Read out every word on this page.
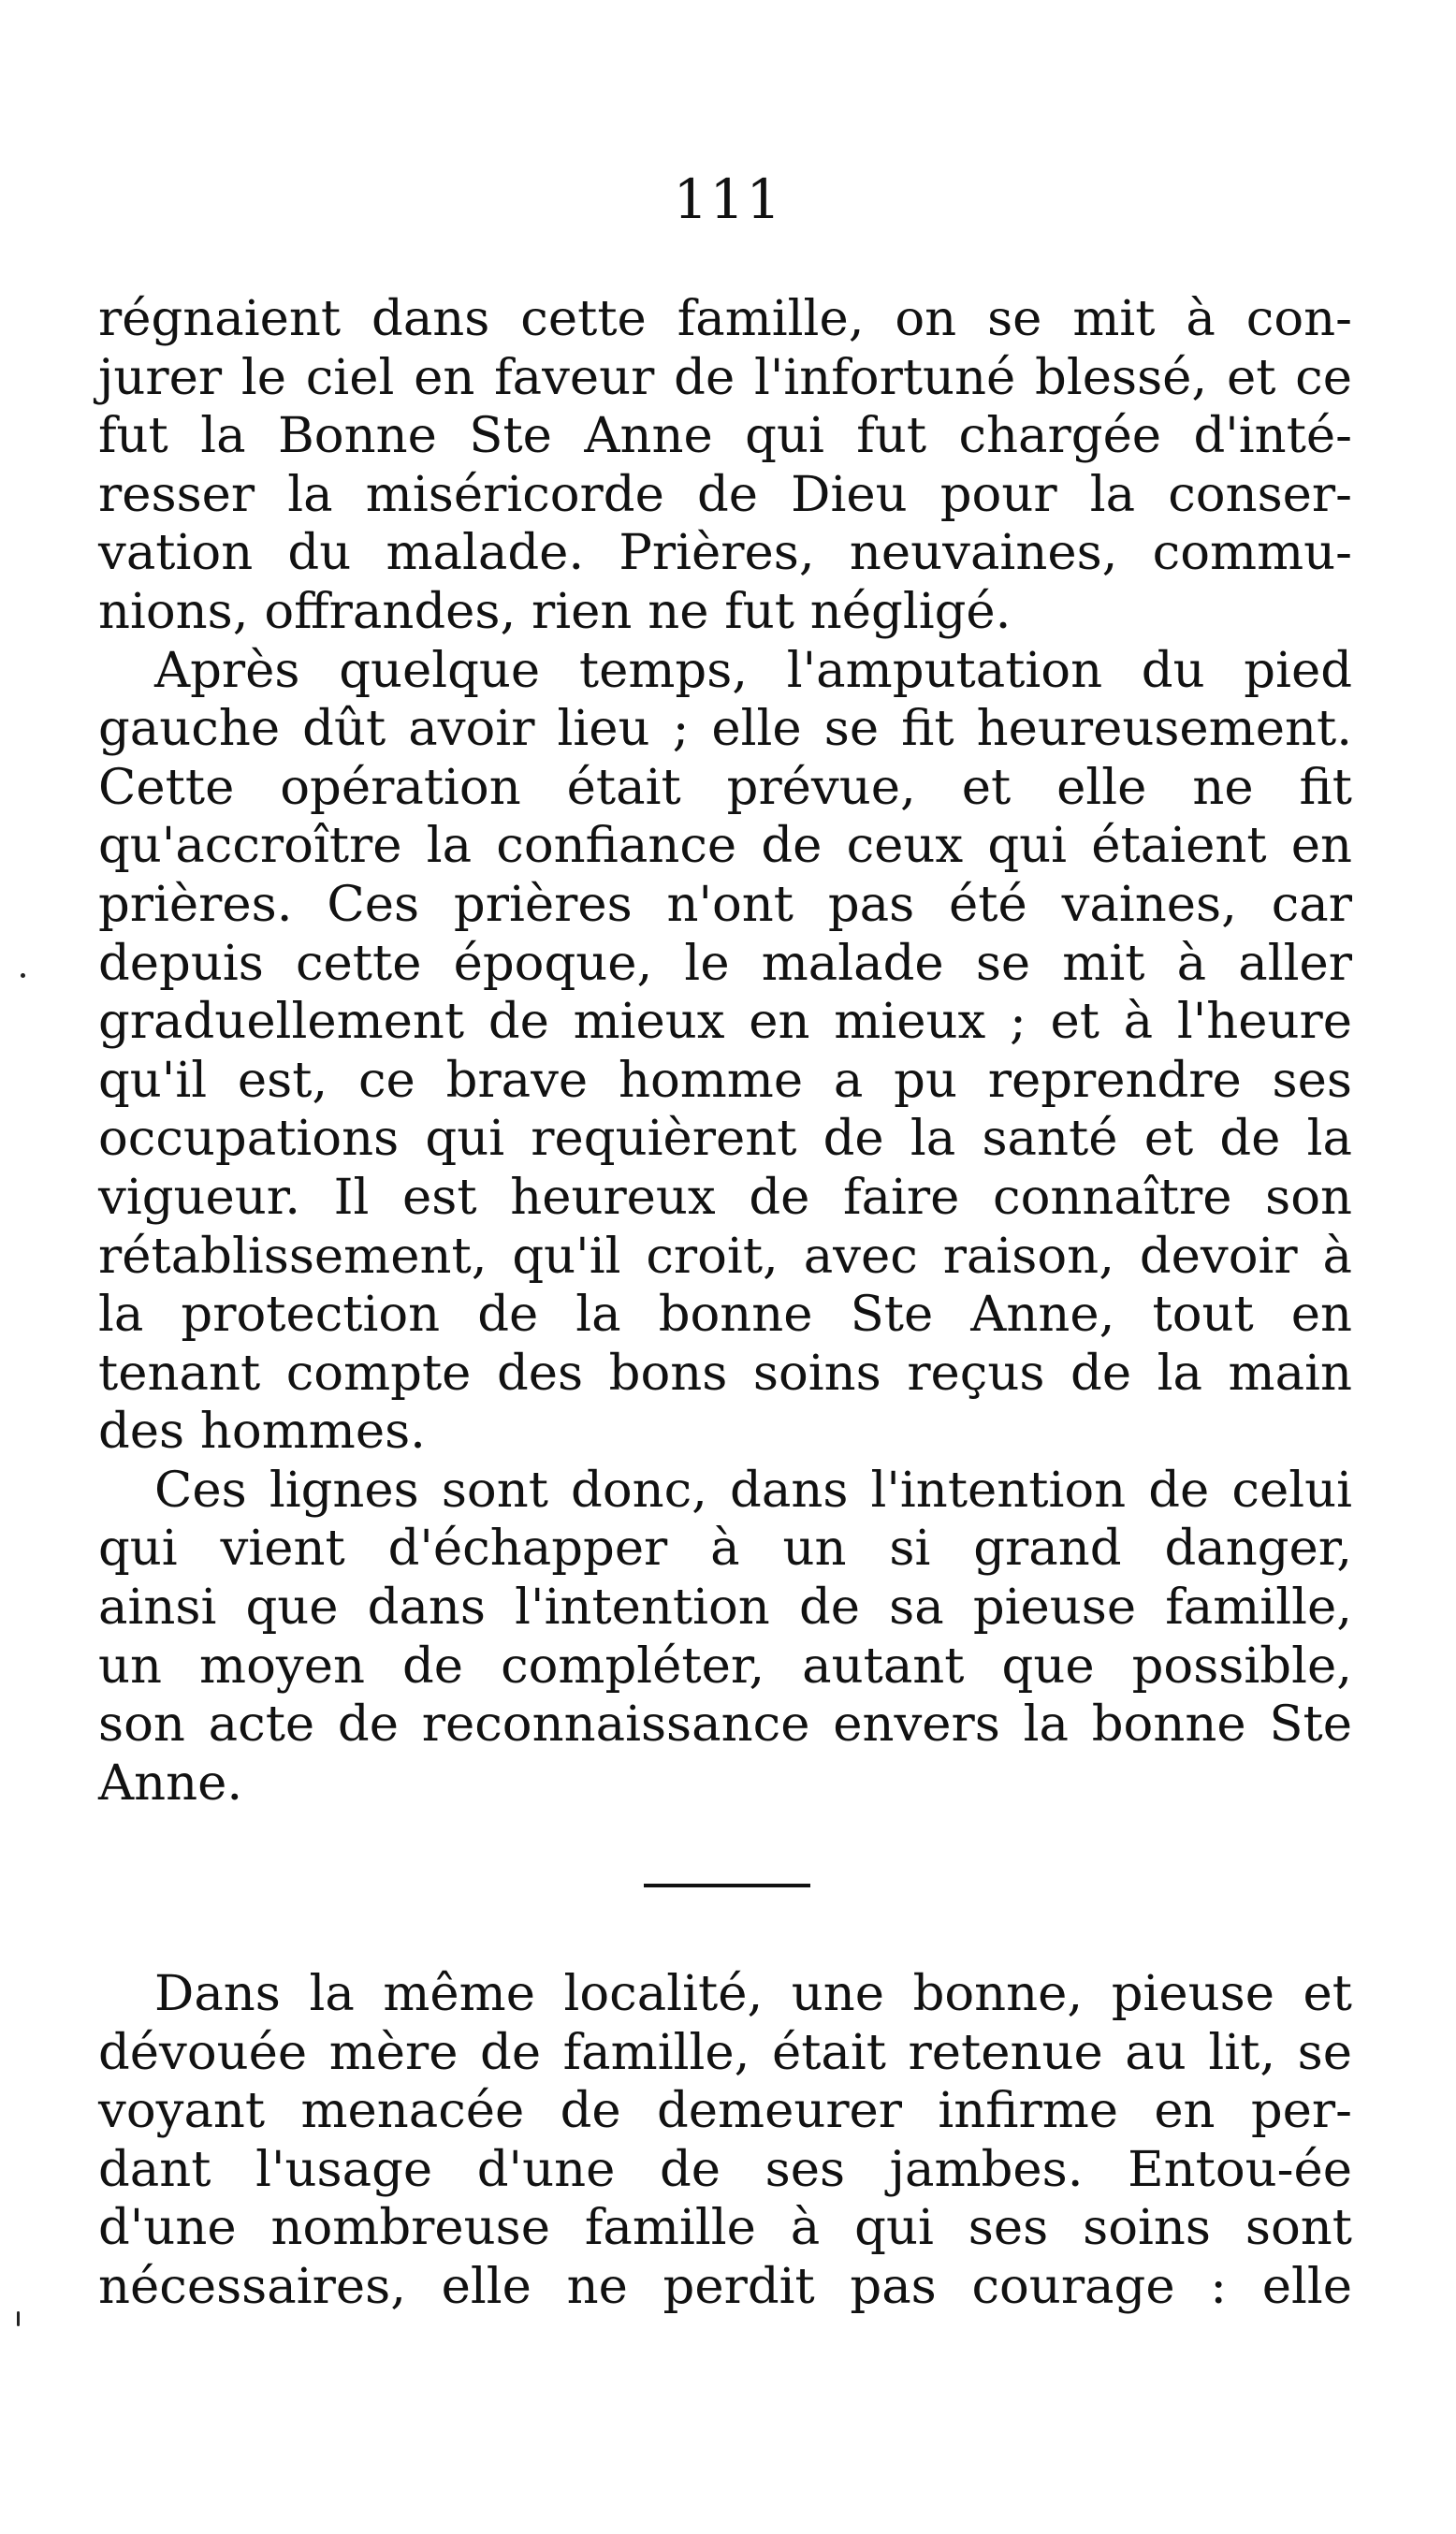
111
régnaient dans cette famille, on se mit à con-
jurer le ciel en faveur de l'infortuné blessé, et ce
fut la Bonne Ste Anne qui fut chargée d'inté-
resser la miséricorde de Dieu pour la conser-
vation du malade. Prières, neuvaines, commu-
nions, offrandes, rien ne fut négligé.
Après quelque temps, l'amputation du pied
gauche dût avoir lieu ; elle se fit heureusement.
Cette opération était prévue, et elle ne fit
qu'accroître la confiance de ceux qui étaient en
prières. Ces prières n'ont pas été vaines, car
depuis cette époque, le malade se mit à aller
graduellement de mieux en mieux ; et à l'heure
qu'il est, ce brave homme a pu reprendre ses
occupations qui requièrent de la santé et de la
vigueur. Il est heureux de faire connaître son
rétablissement, qu'il croit, avec raison, devoir à
la protection de la bonne Ste Anne, tout en
tenant compte des bons soins reçus de la main
des hommes.
Ces lignes sont donc, dans l'intention de celui
qui vient d'échapper à un si grand danger,
ainsi que dans l'intention de sa pieuse famille,
un moyen de compléter, autant que possible,
son acte de reconnaissance envers la bonne Ste
Anne.
Dans la même localité, une bonne, pieuse et
dévouée mère de famille, était retenue au lit, se
voyant menacée de demeurer infirme en per-
dant l'usage d'une de ses jambes. Entou-ée
d'une nombreuse famille à qui ses soins sont
nécessaires, elle ne perdit pas courage : elle
